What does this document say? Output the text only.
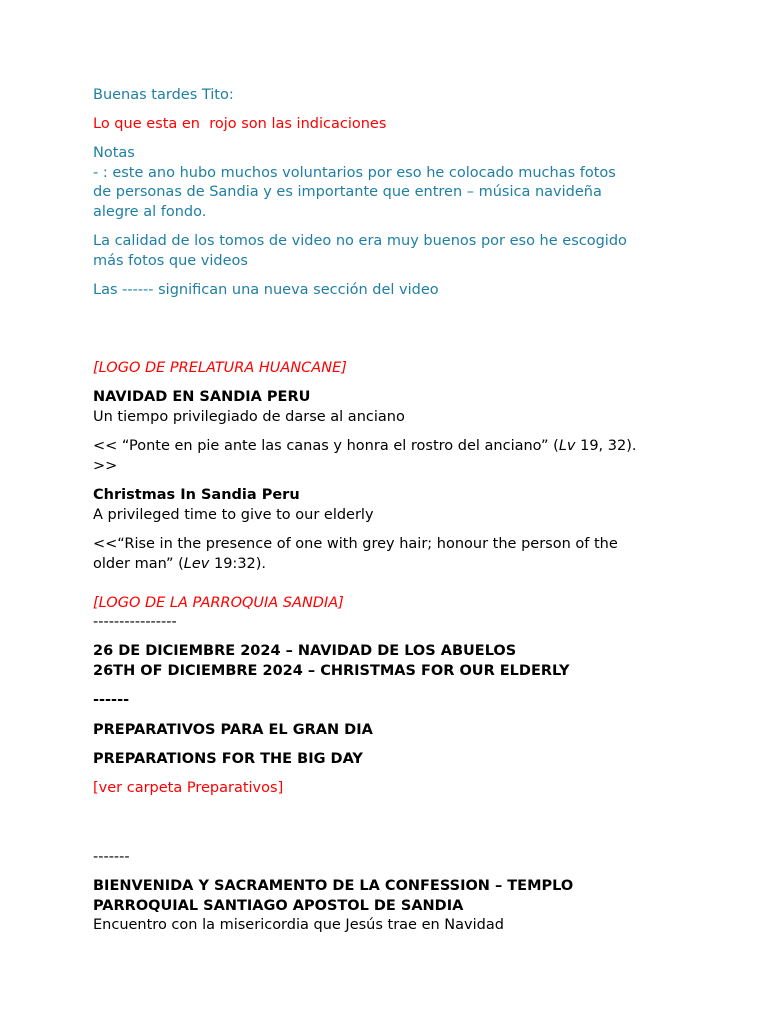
Buenas tardes Tito:
Lo que esta en  rojo son las indicaciones
Notas
- : este ano hubo muchos voluntarios por eso he colocado muchas fotos
de personas de Sandia y es importante que entren – música navideña
alegre al fondo.
La calidad de los tomos de video no era muy buenos por eso he escogido
más fotos que videos
Las ------ significan una nueva sección del video
[LOGO DE PRELATURA HUANCANE]
NAVIDAD EN SANDIA PERU
Un tiempo privilegiado de darse al anciano
<< “Ponte en pie ante las canas y honra el rostro del anciano” (Lv 19, 32).
>>
Christmas In Sandia Peru
A privileged time to give to our elderly
<<“Rise in the presence of one with grey hair; honour the person of the
older man” (Lev 19:32).
[LOGO DE LA PARROQUIA SANDIA]
----------------
26 DE DICIEMBRE 2024 – NAVIDAD DE LOS ABUELOS
26TH OF DICIEMBRE 2024 – CHRISTMAS FOR OUR ELDERLY
------
PREPARATIVOS PARA EL GRAN DIA
PREPARATIONS FOR THE BIG DAY
[ver carpeta Preparativos]
-------
BIENVENIDA Y SACRAMENTO DE LA CONFESSION – TEMPLO
PARROQUIAL SANTIAGO APOSTOL DE SANDIA
Encuentro con la misericordia que Jesús trae en Navidad
